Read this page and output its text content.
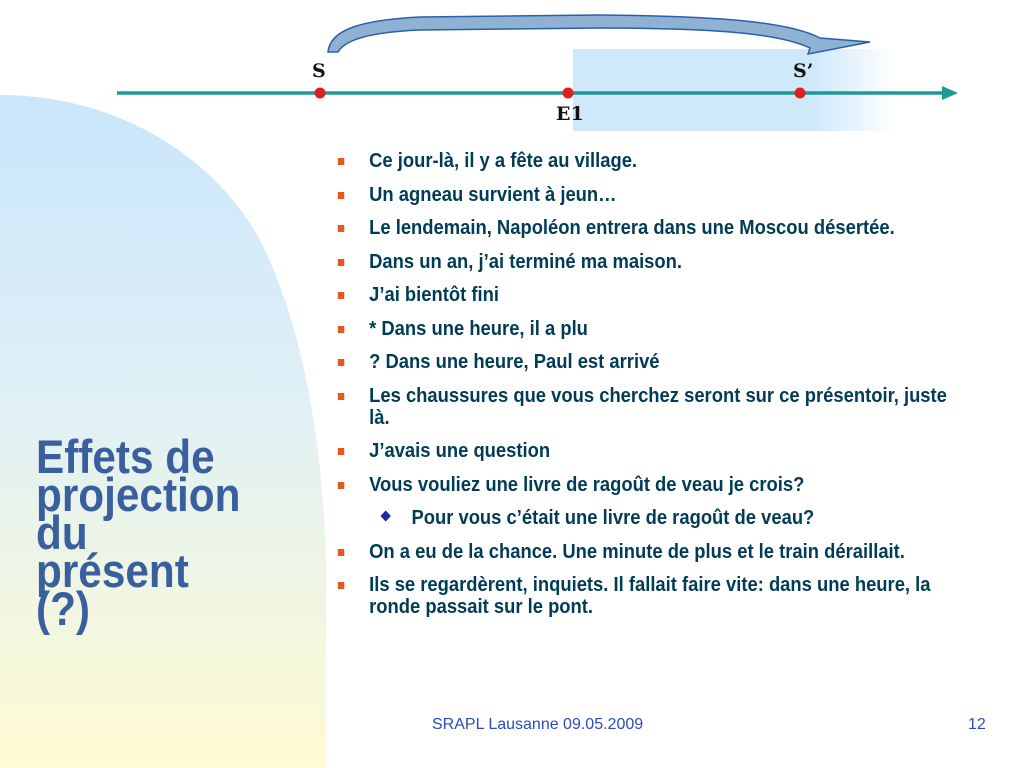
S	S’
E1
Effets de
projection
du
présent
(?)
Ce jour-là, il y a fête au village.
Un agneau survient à jeun…
Le lendemain, Napoléon entrera dans une Moscou désertée.
Dans un an, j’ai terminé ma maison.
J’ai bientôt fini
* Dans une heure, il a plu
? Dans une heure, Paul est arrivé
Les chaussures que vous cherchez seront sur ce présentoir, juste là.
J’avais une question
Vous vouliez une livre de ragoût de veau je crois?
Pour vous c’était une livre de ragoût de veau?
On a eu de la chance. Une minute de plus et le train déraillait.
Ils se regardèrent, inquiets. Il fallait faire vite: dans une heure, la ronde passait sur le pont.
SRAPL Lausanne 09.05.2009	12
